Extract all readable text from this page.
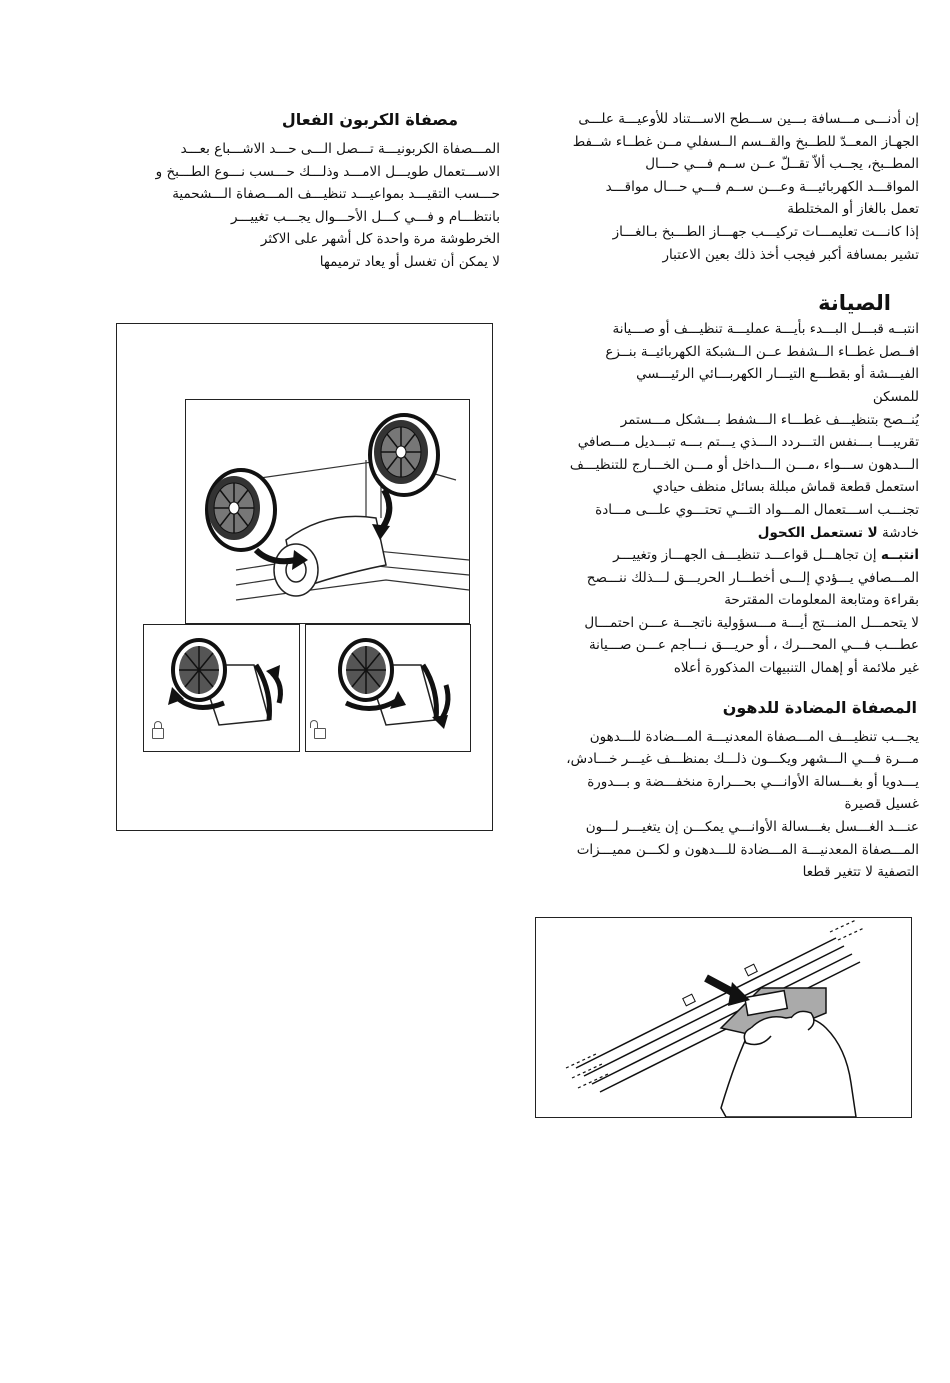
إن أدنـــى مـــسافة بـــين ســـطح الاســـتناد للأوعيـــة علـــى
الجهـاز المعــدّ للطــبخ والقــسم الــسفلي مــن غطــاء شــفط
المطــبخ، يجــب ألاّ تقــلّ عــن ســم فـــي حـــال
المواقـــد الكهربائيـــة وعـــن ســم فـــي حـــال مواقـــد
تعمل بالغاز أو المختلطة
إذا كانـــت تعليمـــات تركيـــب جهـــاز الطـــبخ بـالغـــاز
تشير بمسافة أكبر فيجب أخذ ذلك بعين الاعتبار
الصيانة
انتبــه قبـــل البـــدء بأيـــة عمليـــة تنظيـــف أو صـــيانة
افــصل غطــاء الــشفط عــن الــشبكة الكهربائيــة بنــزع
الفيـــشة أو بقطـــع التيـــار الكهربـــائي الرئيـــسي
للمسكن
يُنــصح بتنظيـــف غطـــاء الـــشفط بـــشكل مـــستمر
تقريبـــا بـــنفس التـــردد الـــذي يـــتم بـــه تبـــديل مـــصافي
الـــدهون ســـواء ،مـــن الـــداخل أو مـــن الخـــارج للتنظيـــف
استعمل قطعة قماش مبللة بسائل منظف حيادي
تجنـــب اســـتعمال المـــواد التـــي تحتـــوي علـــى مـــادة
خادشة لا تستعمل الكحول
انتبــه إن تجاهـــل قواعـــد تنظيـــف الجهـــاز وتغييـــر
المـــصافي يـــؤدي إلـــى أخطـــار الحريـــق لـــذلك ننـــصح
بقراءة ومتابعة المعلومات المقترحة
لا يتحمـــل المنـــتج أيـــة مـــسؤولية ناتجـــة عـــن احتمـــال
عطـــب فـــي المحـــرك ، أو حريـــق نـــاجم عـــن صـــيانة
غير ملائمة أو إهمال التنبيهات المذكورة أعلاه
المصفاة المضادة للدهون
يجـــب تنظيـــف المـــصفاة المعدنيـــة المـــضادة للـــدهون
مـــرة فـــي الـــشهر ويكـــون ذلـــك بمنظـــف غيـــر خـــادش،
يـــدويا أو بغـــسالة الأوانـــي بحـــرارة منخفـــضة و بـــدورة
غسيل قصيرة
عنـــد الغـــسل بغـــسالة الأوانـــي يمكـــن إن يتغيـــر لـــون
المـــصفاة المعدنيـــة المـــضادة للـــدهون و لكـــن مميـــزات
التصفية لا تتغير قطعا
مصفاة الكربون الفعال
المـــصفاة الكربونيـــة تـــصل الـــى حـــد الاشـــباع بعـــد
الاســـتعمال طويـــل الامـــد وذلـــك حـــسب نـــوع الطـــبخ و
حـــسب التقيـــد بمواعيـــد تنظيـــف المـــصفاة الـــشحمية
بانتظـــام و فـــي كـــل الأحـــوال يجـــب تغييـــر
الخرطوشة مرة واحدة كل أشهر على الاكثر
لا يمكن أن تغسل أو يعاد ترميمها
